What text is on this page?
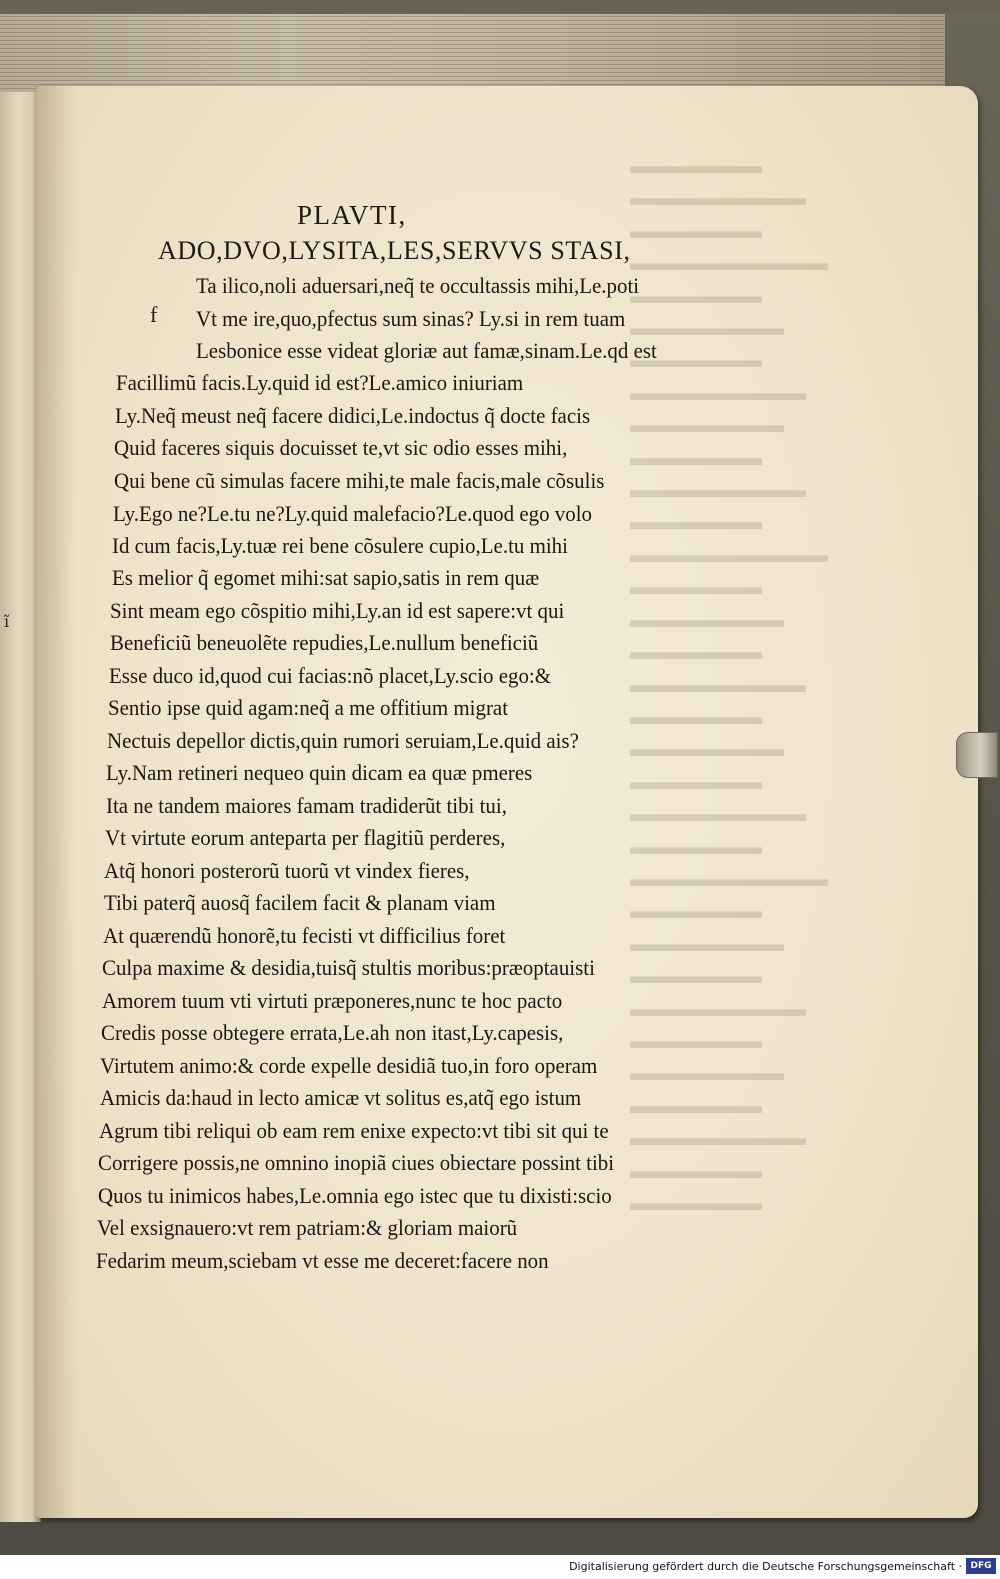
ĩ
▬▬▬▬▬▬
▬▬▬▬▬▬▬▬
▬▬▬▬▬▬
▬▬▬▬▬▬▬▬▬
▬▬▬▬▬▬
▬▬▬▬▬▬▬
▬▬▬▬▬▬
▬▬▬▬▬▬▬▬
▬▬▬▬▬▬▬
▬▬▬▬▬▬
▬▬▬▬▬▬▬▬
▬▬▬▬▬▬
▬▬▬▬▬▬▬▬▬
▬▬▬▬▬▬
▬▬▬▬▬▬▬
▬▬▬▬▬▬
▬▬▬▬▬▬▬▬
▬▬▬▬▬▬
▬▬▬▬▬▬▬
▬▬▬▬▬▬
▬▬▬▬▬▬▬▬
▬▬▬▬▬▬
▬▬▬▬▬▬▬▬▬
▬▬▬▬▬▬
▬▬▬▬▬▬▬
▬▬▬▬▬▬
▬▬▬▬▬▬▬▬
▬▬▬▬▬▬
▬▬▬▬▬▬▬
▬▬▬▬▬▬
▬▬▬▬▬▬▬▬
▬▬▬▬▬▬
▬▬▬▬▬▬
PLAVTI,
ADO,DVO,LYSITA,LES,SERVVS STASI,
f
Ta ilico,noli aduersari,neq̃ te occultassis mihi,Le.poti
Vt me ire,quo,pfectus sum sinas? Ly.si in rem tuam
Lesbonice esse videat gloriæ aut famæ,sinam.Le.qd est
Facillimũ facis.Ly.quid id est?Le.amico iniuriam
Ly.Neq̃ meust neq̃ facere didici,Le.indoctus q̃ docte facis
Quid faceres siquis docuisset te,vt sic odio esses mihi,
Qui bene cũ simulas facere mihi,te male facis,male cõsulis
Ly.Ego ne?Le.tu ne?Ly.quid malefacio?Le.quod ego volo
Id cum facis,Ly.tuæ rei bene cõsulere cupio,Le.tu mihi
Es melior q̃ egomet mihi:sat sapio,satis in rem quæ
Sint meam ego cõspitio mihi,Ly.an id est sapere:vt qui
Beneficiũ beneuolẽte repudies,Le.nullum beneficiũ
Esse duco id,quod cui facias:nõ placet,Ly.scio ego:&
Sentio ipse quid agam:neq̃ a me offitium migrat
Nectuis depellor dictis,quin rumori seruiam,Le.quid ais?
Ly.Nam retineri nequeo quin dicam ea quæ pmeres
Ita ne tandem maiores famam tradiderũt tibi tui,
Vt virtute eorum anteparta per flagitiũ perderes,
Atq̃ honori posterorũ tuorũ vt vindex fieres,
Tibi paterq̃ auosq̃ facilem facit & planam viam
At quærendũ honorẽ,tu fecisti vt difficilius foret
Culpa maxime & desidia,tuisq̃ stultis moribus:præoptauisti
Amorem tuum vti virtuti præponeres,nunc te hoc pacto
Credis posse obtegere errata,Le.ah non itast,Ly.capesis,
Virtutem animo:& corde expelle desidiã tuo,in foro operam
Amicis da:haud in lecto amicæ vt solitus es,atq̃ ego istum
Agrum tibi reliqui ob eam rem enixe expecto:vt tibi sit qui te
Corrigere possis,ne omnino inopiã ciues obiectare possint tibi
Quos tu inimicos habes,Le.omnia ego istec que tu dixisti:scio
Vel exsignauero:vt rem patriam:& gloriam maiorũ
Fedarim meum,sciebam vt esse me deceret:facere non
Digitalisierung gefördert durch die Deutsche Forschungsgemeinschaft · DFG
